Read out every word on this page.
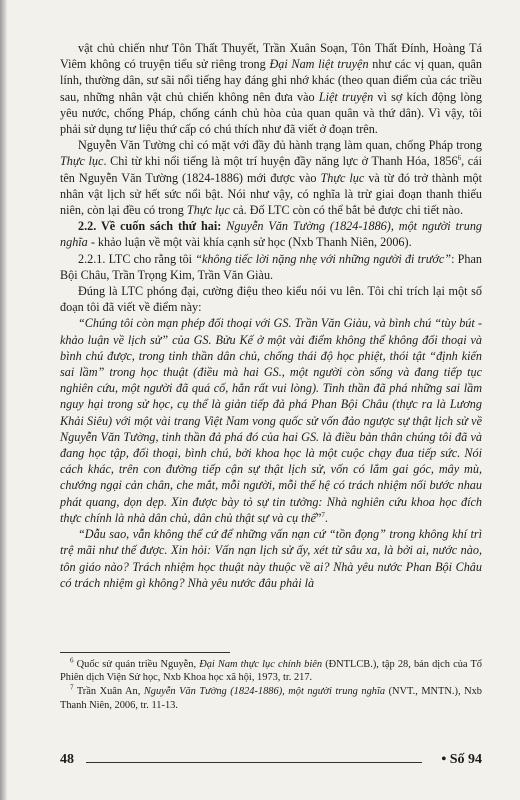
vật chủ chiến như Tôn Thất Thuyết, Trần Xuân Soạn, Tôn Thất Đính, Hoàng Tá Viêm không có truyện tiểu sử riêng trong Đại Nam liệt truyện như các vị quan, quân lính, thường dân, sư sãi nổi tiếng hay đáng ghi nhớ khác (theo quan điểm của các triều sau, những nhân vật chủ chiến không nên đưa vào Liệt truyện vì sợ kích động lòng yêu nước, chống Pháp, chống cánh chủ hòa của quan quân và thứ dân). Vì vậy, tôi phải sử dụng tư liệu thứ cấp có chú thích như đã viết ở đoạn trên.

Nguyễn Văn Tường chỉ có mặt với đầy đủ hành trạng làm quan, chống Pháp trong Thực lục. Chỉ từ khi nổi tiếng là một trí huyện đầy năng lực ở Thanh Hóa, 1856$^6$, cái tên Nguyễn Văn Tường (1824-1886) mới được vào Thực lục và từ đó trở thành một nhân vật lịch sử hết sức nổi bật. Nói như vậy, có nghĩa là trừ giai đoạn thanh thiếu niên, còn lại đều có trong Thực lục cả. Đố LTC còn có thể bắt bẻ được chi tiết nào.

2.2. Về cuốn sách thứ hai: Nguyễn Văn Tường (1824-1886), một người trung nghĩa - khảo luận về một vài khía cạnh sử học (Nxb Thanh Niên, 2006).

2.2.1. LTC cho rằng tôi “không tiếc lời nặng nhẹ với những người đi trước”: Phan Bội Châu, Trần Trọng Kim, Trần Văn Giàu.

Đúng là LTC phóng đại, cường điệu theo kiểu nói vu lên. Tôi chỉ trích lại một số đoạn tôi đã viết về điểm này:

“Chúng tôi còn mạn phép đối thoại với GS. Trần Văn Giàu, và bình chú “tùy bút - khảo luận về lịch sử” của GS. Bửu Kế ở một vài điểm không thể không đối thoại và bình chú được, trong tinh thần dân chủ, chống thái độ học phiệt, thói tật “định kiến sai lầm” trong học thuật (điều mà hai GS., một người còn sống và đang tiếp tục nghiên cứu, một người đã quá cố, hẳn rất vui lòng). Tinh thần đã phá những sai lầm nguy hại trong sử học, cụ thể là giản tiếp đả phá Phan Bội Châu (thực ra là Lương Khải Siêu) với một vài trang Việt Nam vong quốc sử vốn đảo ngược sự thật lịch sử về Nguyễn Văn Tường, tinh thần đả phá đó của hai GS. là điều bản thân chúng tôi đã và đang học tập, đối thoại, bình chú, bởi khoa học là một cuộc chạy đua tiếp sức. Nói cách khác, trên con đường tiếp cận sự thật lịch sử, vốn có lắm gai góc, mây mù, chướng ngại cản chân, che mắt, mỗi người, mỗi thế hệ có trách nhiệm nối bước nhau phát quang, dọn dẹp. Xin được bày tỏ sự tin tưởng: Nhà nghiên cứu khoa học đích thực chính là nhà dân chủ, dân chủ thật sự và cụ thể”$^7$.

“Dẫu sao, vẫn không thể cứ để những vấn nạn cứ “tồn đọng” trong không khí trì trệ mãi như thế được. Xin hỏi: Vấn nạn lịch sử ấy, xét từ sâu xa, là bởi ai, nước nào, tôn giáo nào? Trách nhiệm học thuật này thuộc về ai? Nhà yêu nước Phan Bội Châu có trách nhiệm gì không? Nhà yêu nước đâu phải là

$^6$ Quốc sử quán triều Nguyễn, Đại Nam thực lục chính biên (ĐNTLCB.), tập 28, bản dịch của Tổ Phiên dịch Viện Sử học, Nxb Khoa học xã hội, 1973, tr. 217.

$^7$ Trần Xuân An, Nguyễn Văn Tường (1824-1886), một người trung nghĩa (NVT., MNTN.), Nxb Thanh Niên, 2006, tr. 11-13.

48	• Số 94
